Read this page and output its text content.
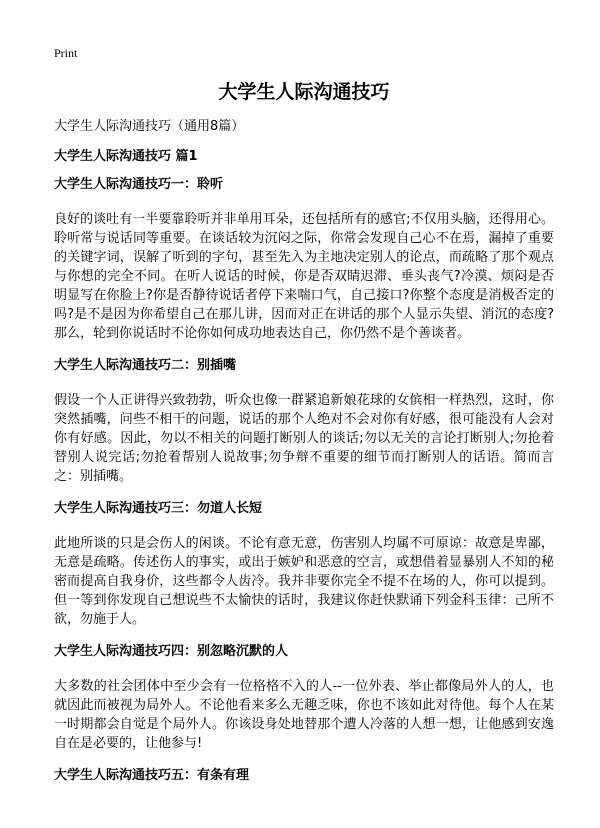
Print
大学生人际沟通技巧
大学生人际沟通技巧（通用8篇）
大学生人际沟通技巧 篇1
大学生人际沟通技巧一：聆听
良好的谈吐有一半要靠聆听并非单用耳朵，还包括所有的感官;不仅用头脑，还得用心。聆听常与说话同等重要。在谈话较为沉闷之际，你常会发现自己心不在焉，漏掉了重要的关键字词，误解了听到的字句，甚至先入为主地决定别人的论点，而疏略了那个观点与你想的完全不同。在听人说话的时候，你是否双睛迟滞、垂头丧气?冷漠、烦闷是否明显写在你脸上?你是否静待说话者停下来喘口气，自己接口?你整个态度是消极否定的吗?是不是因为你希望自己在那儿讲，因而对正在讲话的那个人显示失望、消沉的态度?那么，轮到你说话时不论你如何成功地表达自己，你仍然不是个善谈者。
大学生人际沟通技巧二：别插嘴
假设一个人正讲得兴致勃勃，听众也像一群紧追新娘花球的女傧相一样热烈，这时，你突然插嘴，问些不相干的问题，说话的那个人绝对不会对你有好感，很可能没有人会对你有好感。因此，勿以不相关的问题打断别人的谈话;勿以无关的言论打断别人;勿抢着替别人说完话;勿抢着帮别人说故事;勿争辩不重要的细节而打断别人的话语。简而言之：别插嘴。
大学生人际沟通技巧三：勿道人长短
此地所谈的只是会伤人的闲谈。不论有意无意，伤害别人均属不可原谅：故意是卑鄙，无意是疏略。传述伤人的事实，或出于嫉妒和恶意的空言，或想借着显暴别人不知的秘密而提高自我身价，这些都令人齿冷。我并非要你完全不提不在场的人，你可以提到。但一等到你发现自己想说些不太愉快的话时，我建议你赶快默诵下列金科玉律：己所不欲，勿施于人。
大学生人际沟通技巧四：别忽略沉默的人
大多数的社会团体中至少会有一位格格不入的人--一位外表、举止都像局外人的人，也就因此而被视为局外人。不论他看来多么无趣乏味，你也不该如此对待他。每个人在某一时期都会自觉是个局外人。你该设身处地替那个遭人冷落的人想一想，让他感到安逸自在是必要的，让他参与!
大学生人际沟通技巧五：有条有理
